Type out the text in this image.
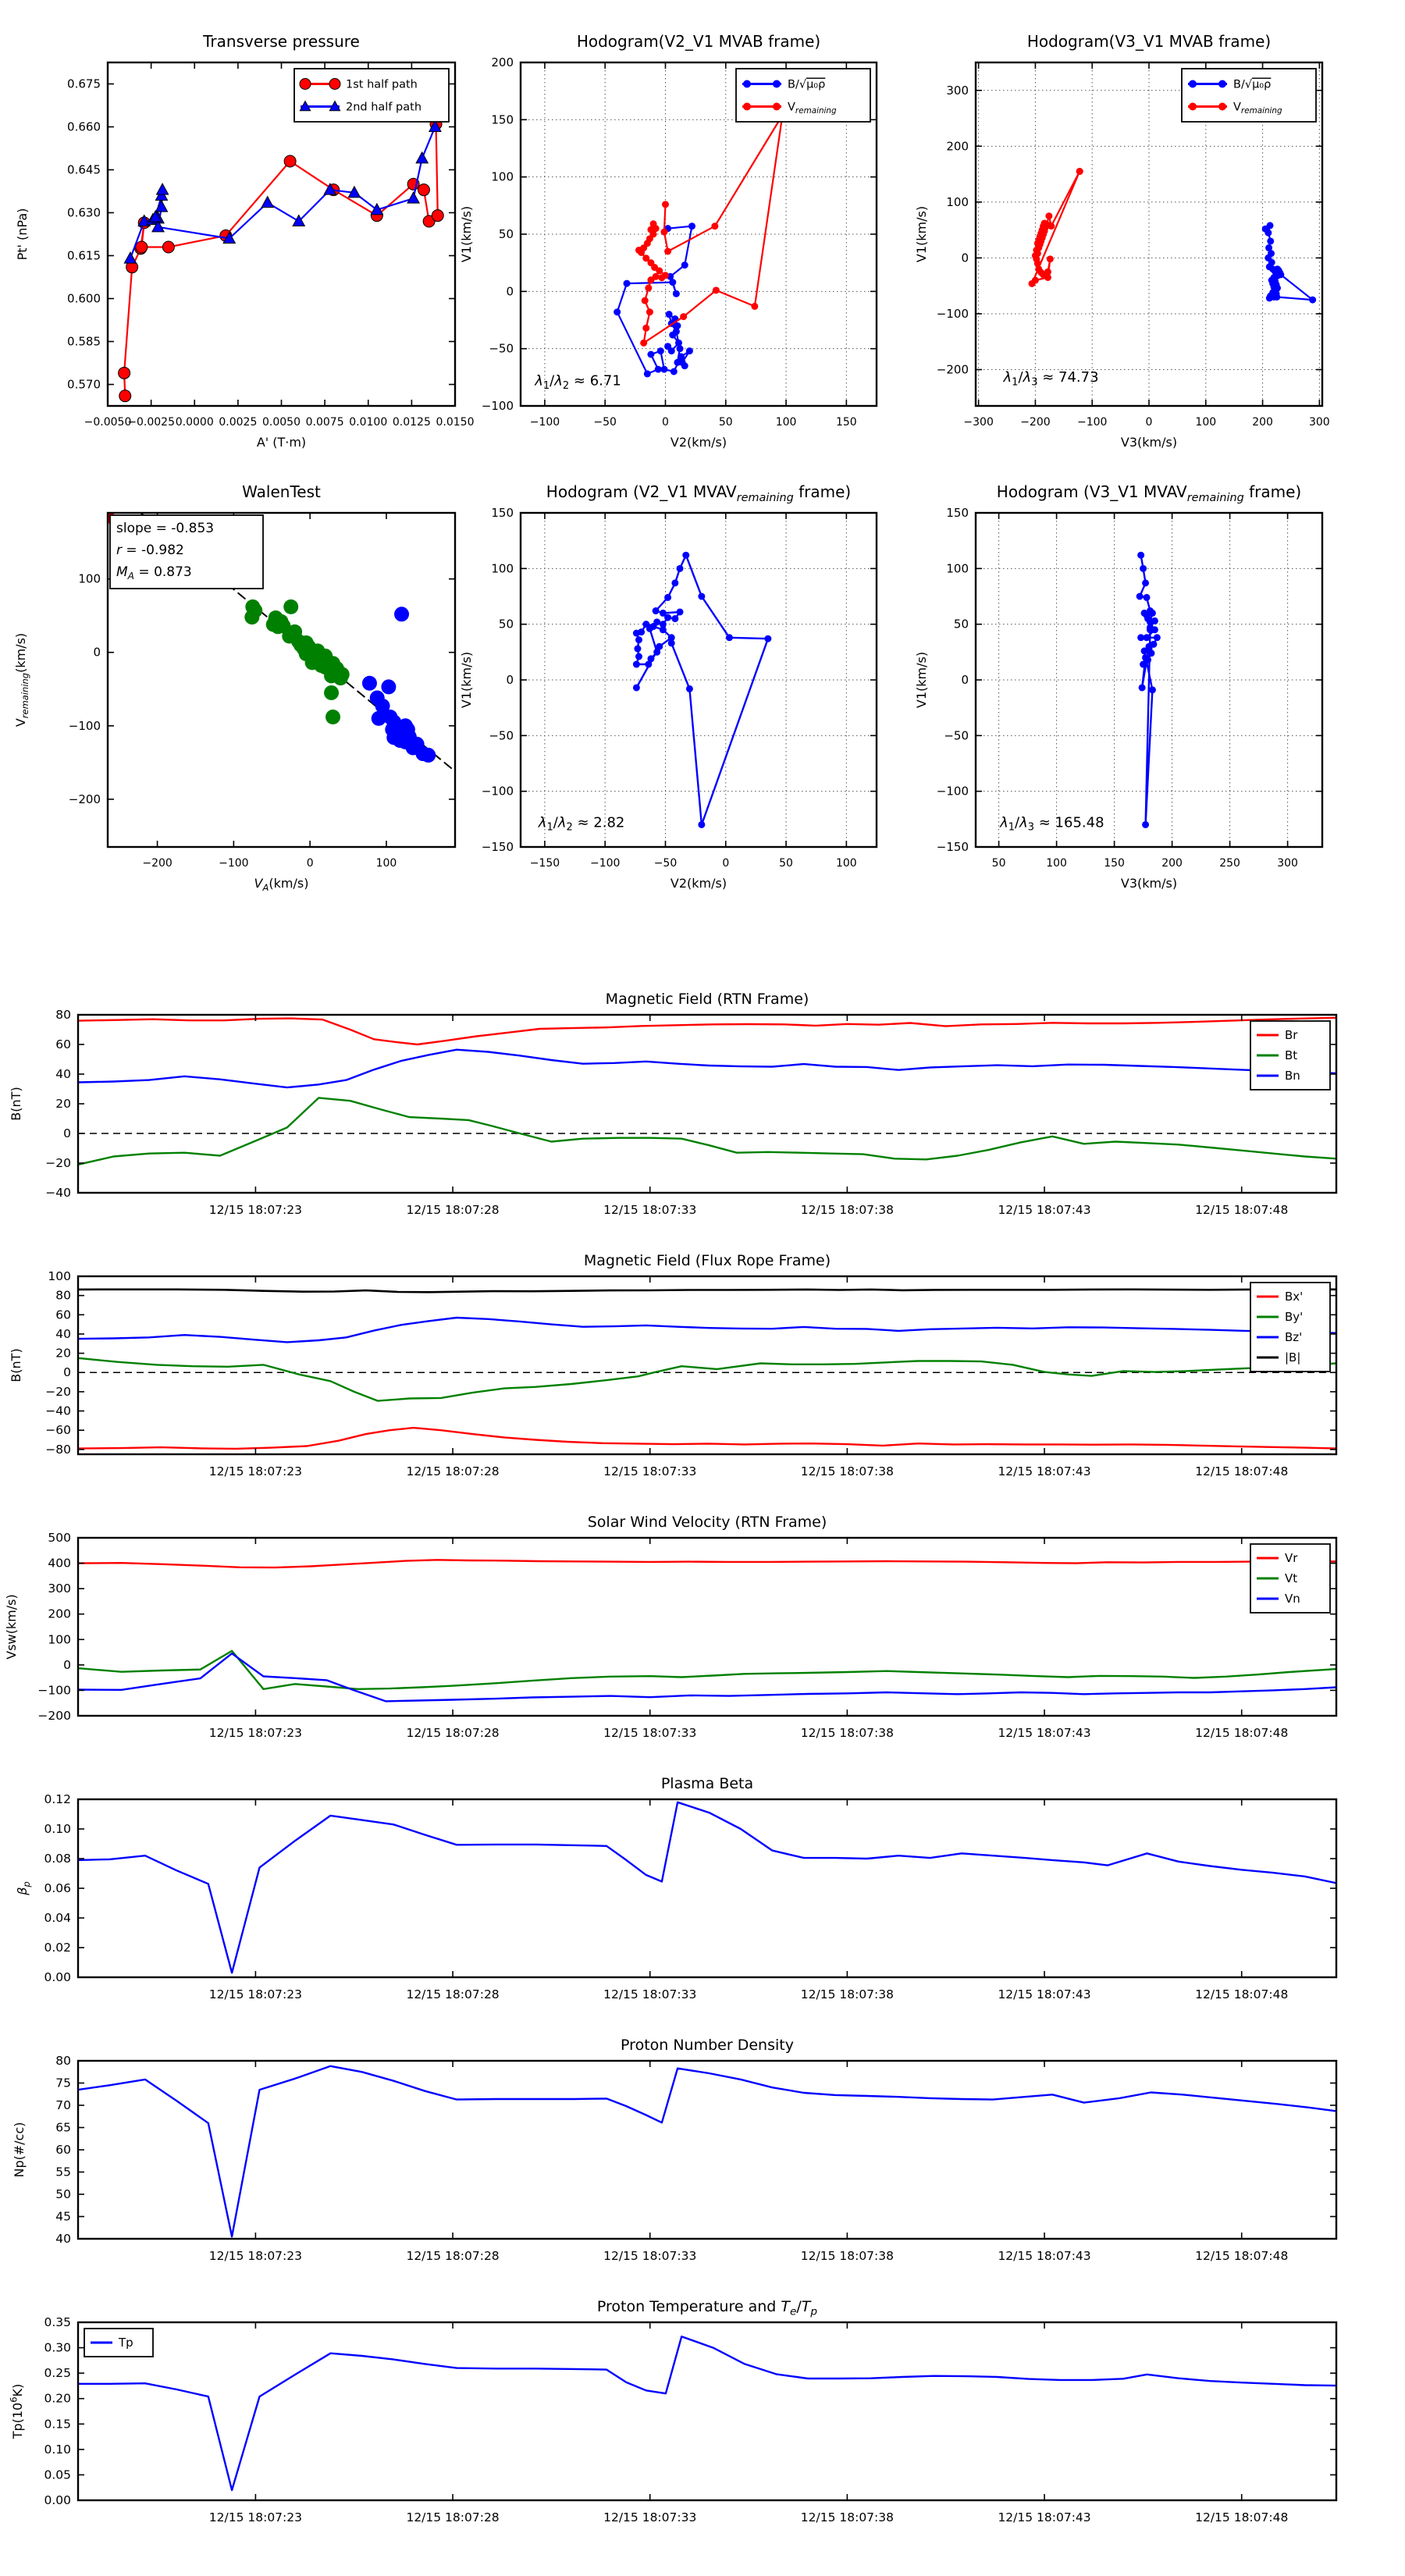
−0.0050
−0.0025 0.0000 0.0025 0.0050 0.0075 0.0100 0.0125 0.0150
0.570
0.585
0.600
0.615
0.630
0.645
0.660
0.675
Transverse pressure
A' (T·m)
Pt' (nPa)
1st half path
2nd half path
−100	−50	0	50	100	150
−100
−50
0
50
100
150
200
Hodogram(V2_V1 MVAB frame)
V2(km/s)
V1(km/s)
$\lambda_1/\lambda_2 \approx 6.71$
B/√μ₀ρ
$V_{remaining}$
−300 −200 −100	0	100	200	300
−200
−100
0
100
200
300
Hodogram(V3_V1 MVAB frame)
V3(km/s)
V1(km/s)
$\lambda_1/\lambda_3 \approx 74.73$
B/√μ₀ρ
$V_{remaining}$
−200	−100	0	100
−200
−100
0
100
WalenTest
$V_A(km/s)$
$V_{remaining}(km/s)$
slope = -0.853
r = -0.982
$M_A = 0.873$
−150	−100	−50	0	50	100
−150
−100
−50
0
50
100
150
Hodogram (V2_V1 $MVAV_{remaining}$ frame)
V2(km/s)
V1(km/s)
$\lambda_1/\lambda_2 \approx 2.82$
50	100	150	200	250	300
−150
−100
−50
0
50
100
150
Hodogram (V3_V1 $MVAV_{remaining}$ frame)
V3(km/s)
V1(km/s)
$\lambda_1/\lambda_3 \approx 165.48$
12/15 18:07:23	12/15 18:07:28	12/15 18:07:33	12/15 18:07:38	12/15 18:07:43	12/15 18:07:48
−40
−20
0
20
40
60
80
Magnetic Field (RTN Frame)
B(nT)
Br
Bt
Bn
12/15 18:07:23	12/15 18:07:28	12/15 18:07:33	12/15 18:07:38	12/15 18:07:43	12/15 18:07:48
−80
−60
−40
−20
0
20
40
60
80
100
Magnetic Field (Flux Rope Frame)
B(nT)
Bx'
By'
Bz'
|B|
12/15 18:07:23	12/15 18:07:28	12/15 18:07:33	12/15 18:07:38	12/15 18:07:43	12/15 18:07:48
−200
−100
0
100
200
300
400
500
Solar Wind Velocity (RTN Frame)
Vsw(km/s)
Vr
Vt
Vn
12/15 18:07:23	12/15 18:07:28	12/15 18:07:33	12/15 18:07:38	12/15 18:07:43	12/15 18:07:48
0.00
0.02
0.04
0.06
0.08
0.10
0.12
Plasma Beta
$\beta_p$
12/15 18:07:23	12/15 18:07:28	12/15 18:07:33	12/15 18:07:38	12/15 18:07:43	12/15 18:07:48
40
45
50
55
60
65
70
75
80
Proton Number Density
Np(#/cc)
12/15 18:07:23	12/15 18:07:28	12/15 18:07:33	12/15 18:07:38	12/15 18:07:43	12/15 18:07:48
0.00
0.05
0.10
0.15
0.20
0.25
0.30
0.35
Proton Temperature and $T_e/T_p$
$Tp(10^6K)$
Tp
